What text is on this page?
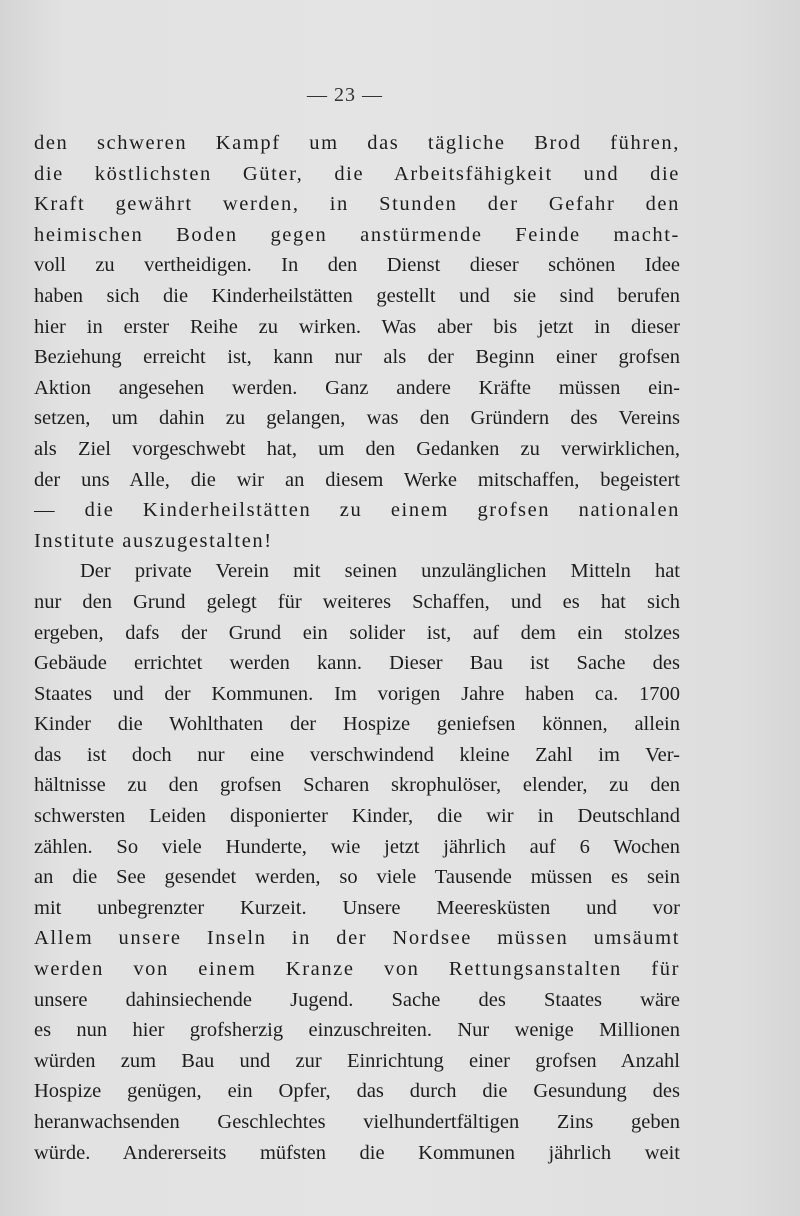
— 23 —
den schweren Kampf um das tägliche Brod führen,
die köstlichsten Güter, die Arbeitsfähigkeit und die
Kraft gewährt werden, in Stunden der Gefahr den
heimischen Boden gegen anstürmende Feinde macht-
voll zu vertheidigen. In den Dienst dieser schönen Idee
haben sich die Kinderheilstätten gestellt und sie sind berufen
hier in erster Reihe zu wirken. Was aber bis jetzt in dieser
Beziehung erreicht ist, kann nur als der Beginn einer grofsen
Aktion angesehen werden. Ganz andere Kräfte müssen ein-
setzen, um dahin zu gelangen, was den Gründern des Vereins
als Ziel vorgeschwebt hat, um den Gedanken zu verwirklichen,
der uns Alle, die wir an diesem Werke mitschaffen, begeistert
— die Kinderheilstätten zu einem grofsen nationalen
Institute auszugestalten!
Der private Verein mit seinen unzulänglichen Mitteln hat
nur den Grund gelegt für weiteres Schaffen, und es hat sich
ergeben, dafs der Grund ein solider ist, auf dem ein stolzes
Gebäude errichtet werden kann. Dieser Bau ist Sache des
Staates und der Kommunen. Im vorigen Jahre haben ca. 1700
Kinder die Wohlthaten der Hospize geniefsen können, allein
das ist doch nur eine verschwindend kleine Zahl im Ver-
hältnisse zu den grofsen Scharen skrophulöser, elender, zu den
schwersten Leiden disponierter Kinder, die wir in Deutschland
zählen. So viele Hunderte, wie jetzt jährlich auf 6 Wochen
an die See gesendet werden, so viele Tausende müssen es sein
mit unbegrenzter Kurzeit. Unsere Meeresküsten und vor
Allem unsere Inseln in der Nordsee müssen umsäumt
werden von einem Kranze von Rettungsanstalten für
unsere dahinsiechende Jugend. Sache des Staates wäre
es nun hier grofsherzig einzuschreiten. Nur wenige Millionen
würden zum Bau und zur Einrichtung einer grofsen Anzahl
Hospize genügen, ein Opfer, das durch die Gesundung des
heranwachsenden Geschlechtes vielhundertfältigen Zins geben
würde. Andererseits müfsten die Kommunen jährlich weit
